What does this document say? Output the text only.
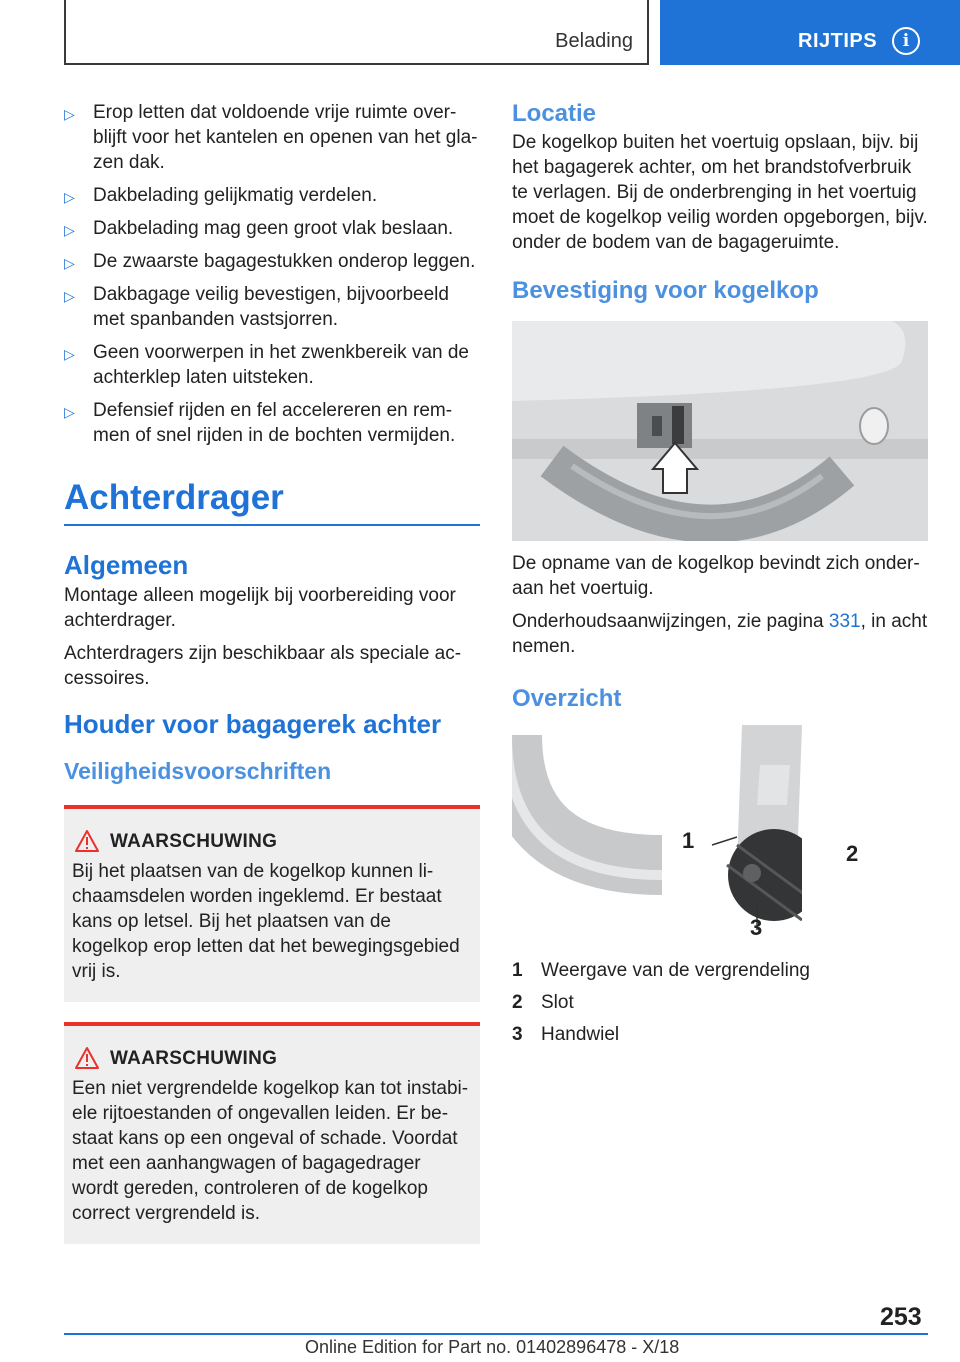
Belading	RIJTIPS	i
▷ Erop letten dat voldoende vrije ruimte over-blijft voor het kantelen en openen van het gla-zen dak.
▷ Dakbelading gelijkmatig verdelen.
▷ Dakbelading mag geen groot vlak beslaan.
▷ De zwaarste bagagestukken onderop leggen.
▷ Dakbagage veilig bevestigen, bijvoorbeeld met spanbanden vastsjorren.
▷ Geen voorwerpen in het zwenkbereik van de achterklep laten uitsteken.
▷ Defensief rijden en fel accelereren en rem-men of snel rijden in de bochten vermijden.
Achterdrager
Algemeen
Montage alleen mogelijk bij voorbereiding voor achterdrager.
Achterdragers zijn beschikbaar als speciale ac-cessoires.
Houder voor bagagerek achter
Veiligheidsvoorschriften
WAARSCHUWING
Bij het plaatsen van de kogelkop kunnen li-chaamsdelen worden ingeklemd. Er bestaat kans op letsel. Bij het plaatsen van de kogelkop erop letten dat het bewegingsgebied vrij is.
WAARSCHUWING
Een niet vergrendelde kogelkop kan tot instabi-ele rijtoestanden of ongevallen leiden. Er be-staat kans op een ongeval of schade. Voordat met een aanhangwagen of bagagedrager wordt gereden, controleren of de kogelkop correct vergrendeld is.
Locatie
De kogelkop buiten het voertuig opslaan, bijv. bij het bagagerek achter, om het brandstofverbruik te verlagen. Bij de onderbrenging in het voertuig moet de kogelkop veilig worden opgeborgen, bijv. onder de bodem van de bagageruimte.
Bevestiging voor kogelkop
De opname van de kogelkop bevindt zich onder-aan het voertuig.
Onderhoudsaanwijzingen, zie pagina 331, in acht nemen.
Overzicht
1
2
3
1 Weergave van de vergrendeling
2 Slot
3 Handwiel
253
Online Edition for Part no. 01402896478 - X/18
